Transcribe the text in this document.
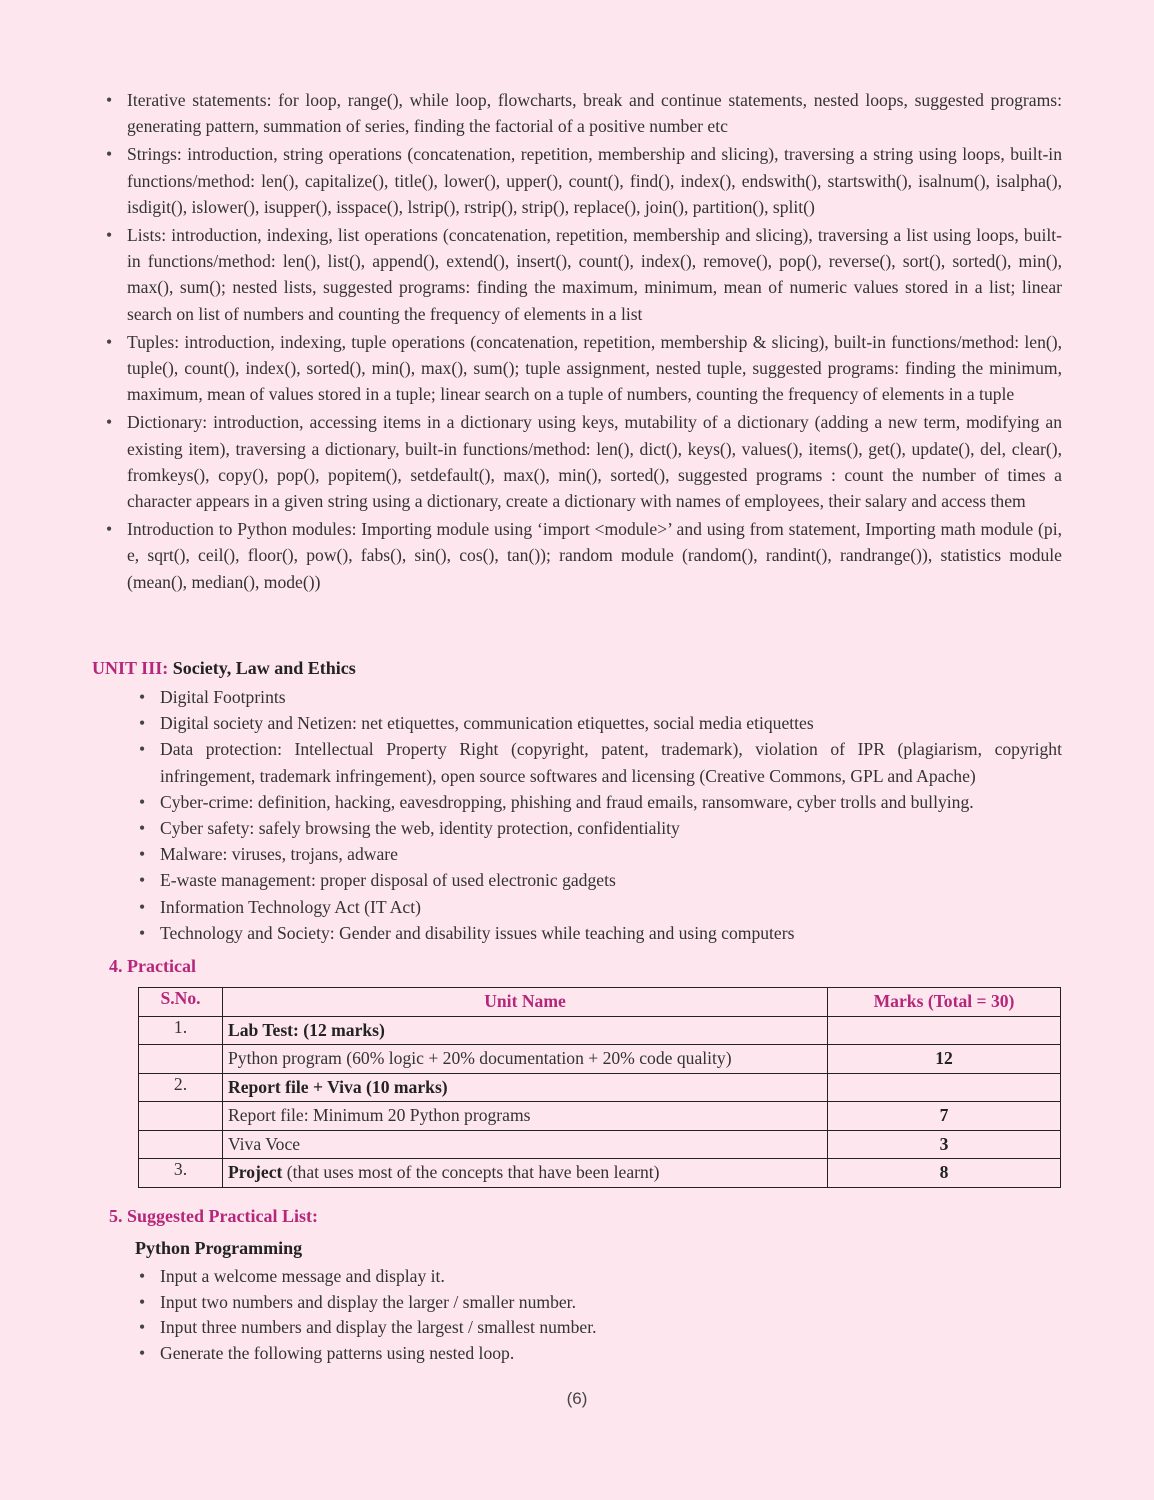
• Iterative statements: for loop, range(), while loop, flowcharts, break and continue statements, nested loops, suggested programs: generating pattern, summation of series, finding the factorial of a positive number etc
• Strings: introduction, string operations (concatenation, repetition, membership and slicing), traversing a string using loops, built-in functions/method: len(), capitalize(), title(), lower(), upper(), count(), find(), index(), endswith(), startswith(), isalnum(), isalpha(), isdigit(), islower(), isupper(), isspace(), lstrip(), rstrip(), strip(), replace(), join(), partition(), split()
• Lists: introduction, indexing, list operations (concatenation, repetition, membership and slicing), traversing a list using loops, built-in functions/method: len(), list(), append(), extend(), insert(), count(), index(), remove(), pop(), reverse(), sort(), sorted(), min(), max(), sum(); nested lists, suggested programs: finding the maximum, minimum, mean of numeric values stored in a list; linear search on list of numbers and counting the frequency of elements in a list
• Tuples: introduction, indexing, tuple operations (concatenation, repetition, membership & slicing), built-in functions/method: len(), tuple(), count(), index(), sorted(), min(), max(), sum(); tuple assignment, nested tuple, suggested programs: finding the minimum, maximum, mean of values stored in a tuple; linear search on a tuple of numbers, counting the frequency of elements in a tuple
• Dictionary: introduction, accessing items in a dictionary using keys, mutability of a dictionary (adding a new term, modifying an existing item), traversing a dictionary, built-in functions/method: len(), dict(), keys(), values(), items(), get(), update(), del, clear(), fromkeys(), copy(), pop(), popitem(), setdefault(), max(), min(), sorted(), suggested programs : count the number of times a character appears in a given string using a dictionary, create a dictionary with names of employees, their salary and access them
• Introduction to Python modules: Importing module using ‘import <module>’ and using from statement, Importing math module (pi, e, sqrt(), ceil(), floor(), pow(), fabs(), sin(), cos(), tan()); random module (random(), randint(), randrange()), statistics module (mean(), median(), mode())
UNIT III: Society, Law and Ethics
• Digital Footprints
• Digital society and Netizen: net etiquettes, communication etiquettes, social media etiquettes
• Data protection: Intellectual Property Right (copyright, patent, trademark), violation of IPR (plagiarism, copyright infringement, trademark infringement), open source softwares and licensing (Creative Commons, GPL and Apache)
• Cyber-crime: definition, hacking, eavesdropping, phishing and fraud emails, ransomware, cyber trolls and bullying.
• Cyber safety: safely browsing the web, identity protection, confidentiality
• Malware: viruses, trojans, adware
• E-waste management: proper disposal of used electronic gadgets
• Information Technology Act (IT Act)
• Technology and Society: Gender and disability issues while teaching and using computers
4. Practical
S.No.	Unit Name	Marks (Total = 30)
1.	Lab Test: (12 marks)	
	Python program (60% logic + 20% documentation + 20% code quality)	12
2.	Report file + Viva (10 marks)	
	Report file: Minimum 20 Python programs	7
	Viva Voce	3
3.	Project (that uses most of the concepts that have been learnt)	8
5. Suggested Practical List:
Python Programming
• Input a welcome message and display it.
• Input two numbers and display the larger / smaller number.
• Input three numbers and display the largest / smallest number.
• Generate the following patterns using nested loop.
(6)
